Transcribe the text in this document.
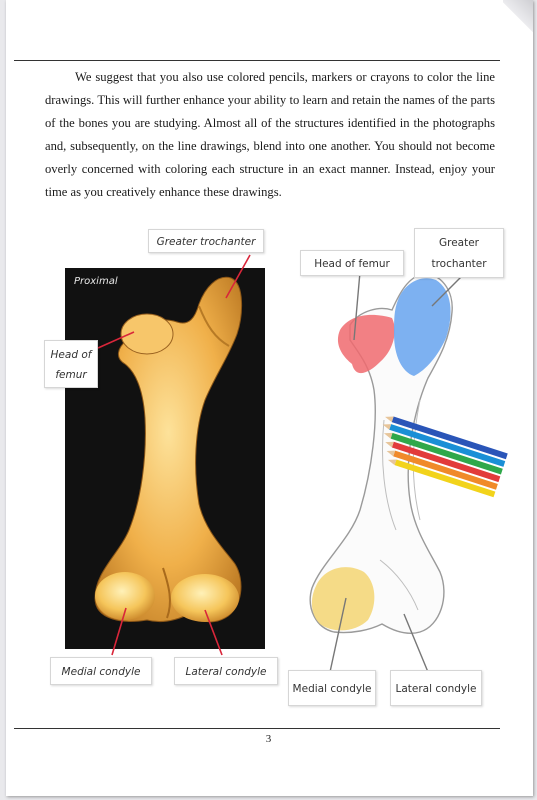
We suggest that you also use colored pencils, markers or crayons to color the line drawings. This will further enhance your ability to learn and retain the names of the parts of the bones you are studying. Almost all of the structures identified in the photographs and, subsequently, on the line drawings, blend into one another. You should not become overly concerned with coloring each structure in an exact manner. Instead, enjoy your time as you creatively enhance these drawings.

Proximal
Greater trochanter
Head of femur
Medial condyle	Lateral condyle
Head of femur
Greater trochanter
Medial condyle	Lateral condyle
3
